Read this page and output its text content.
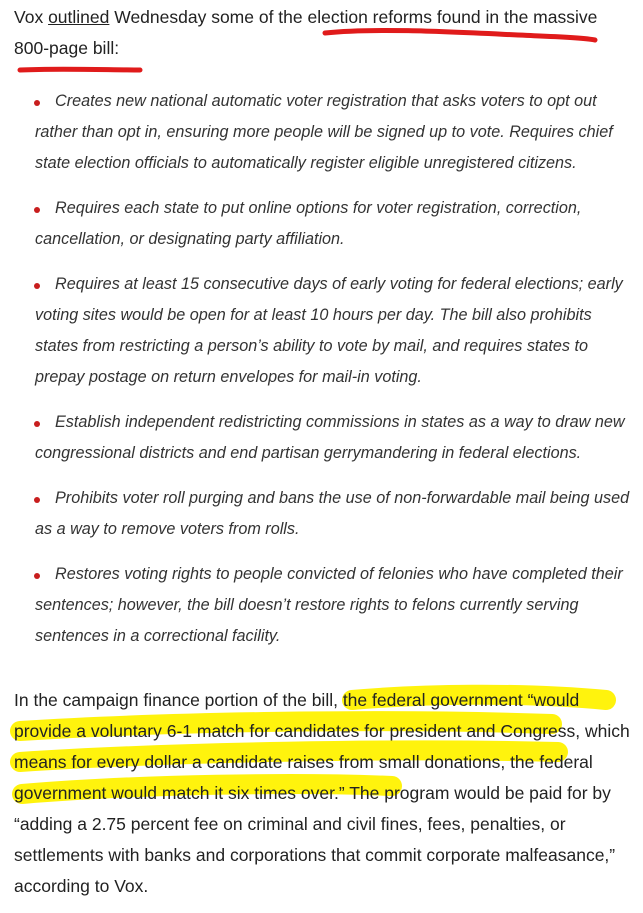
Vox outlined Wednesday some of the election reforms found in the massive 800-page bill:

Creates new national automatic voter registration that asks voters to opt out rather than opt in, ensuring more people will be signed up to vote. Requires chief state election officials to automatically register eligible unregistered citizens.
Requires each state to put online options for voter registration, correction, cancellation, or designating party affiliation.
Requires at least 15 consecutive days of early voting for federal elections; early voting sites would be open for at least 10 hours per day. The bill also prohibits states from restricting a person’s ability to vote by mail, and requires states to prepay postage on return envelopes for mail-in voting.
Establish independent redistricting commissions in states as a way to draw new congressional districts and end partisan gerrymandering in federal elections.
Prohibits voter roll purging and bans the use of non-forwardable mail being used as a way to remove voters from rolls.
Restores voting rights to people convicted of felonies who have completed their sentences; however, the bill doesn’t restore rights to felons currently serving sentences in a correctional facility.

In the campaign finance portion of the bill, the federal government “would provide a voluntary 6-1 match for candidates for president and Congress, which means for every dollar a candidate raises from small donations, the federal government would match it six times over.” The program would be paid for by “adding a 2.75 percent fee on criminal and civil fines, fees, penalties, or settlements with banks and corporations that commit corporate malfeasance,” according to Vox.
